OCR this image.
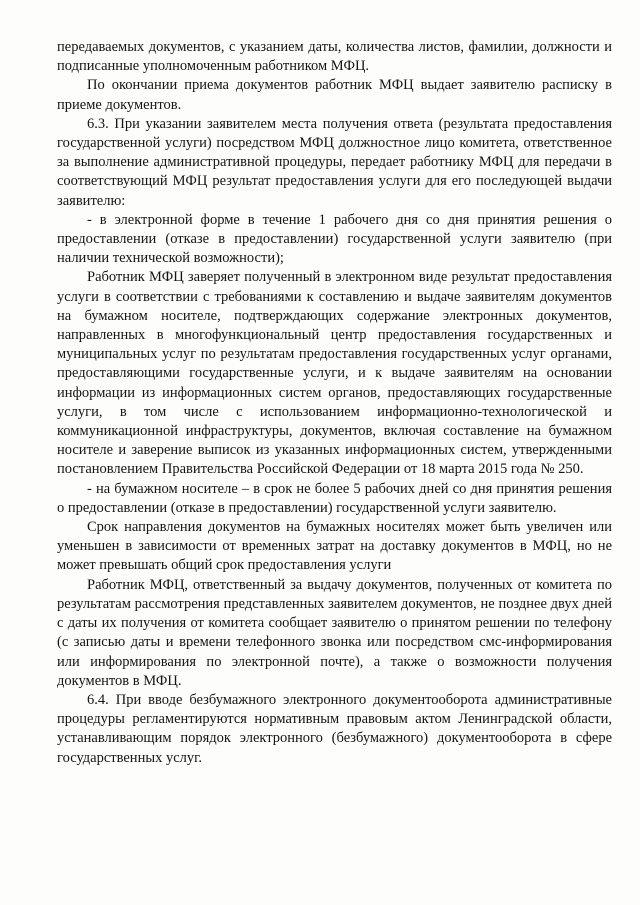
передаваемых документов, с указанием даты, количества листов, фамилии, должности и подписанные уполномоченным работником МФЦ.

По окончании приема документов работник МФЦ выдает заявителю расписку в приеме документов.

6.3. При указании заявителем места получения ответа (результата предоставления государственной услуги) посредством МФЦ должностное лицо комитета, ответственное за выполнение административной процедуры, передает работнику МФЦ для передачи в соответствующий МФЦ результат предоставления услуги для его последующей выдачи заявителю:

- в электронной форме в течение 1 рабочего дня со дня принятия решения о предоставлении (отказе в предоставлении) государственной услуги заявителю (при наличии технической возможности);

Работник МФЦ заверяет полученный в электронном виде результат предоставления услуги в соответствии с требованиями к составлению и выдаче заявителям документов на бумажном носителе, подтверждающих содержание электронных документов, направленных в многофункциональный центр предоставления государственных и муниципальных услуг по результатам предоставления государственных услуг органами, предоставляющими государственные услуги, и к выдаче заявителям на основании информации из информационных систем органов, предоставляющих государственные услуги, в том числе с использованием информационно-технологической и коммуникационной инфраструктуры, документов, включая составление на бумажном носителе и заверение выписок из указанных информационных систем, утвержденными постановлением Правительства Российской Федерации от 18 марта 2015 года № 250.

- на бумажном носителе – в срок не более 5 рабочих дней со дня принятия решения о предоставлении (отказе в предоставлении) государственной услуги заявителю.

Срок направления документов на бумажных носителях может быть увеличен или уменьшен в зависимости от временных затрат на доставку документов в МФЦ, но не может превышать общий срок предоставления услуги

Работник МФЦ, ответственный за выдачу документов, полученных от комитета по результатам рассмотрения представленных заявителем документов, не позднее двух дней с даты их получения от комитета сообщает заявителю о принятом решении по телефону (с записью даты и времени телефонного звонка или посредством смс-информирования или информирования по электронной почте), а также о возможности получения документов в МФЦ.

6.4. При вводе безбумажного электронного документооборота административные процедуры регламентируются нормативным правовым актом Ленинградской области, устанавливающим порядок электронного (безбумажного) документооборота в сфере государственных услуг.
